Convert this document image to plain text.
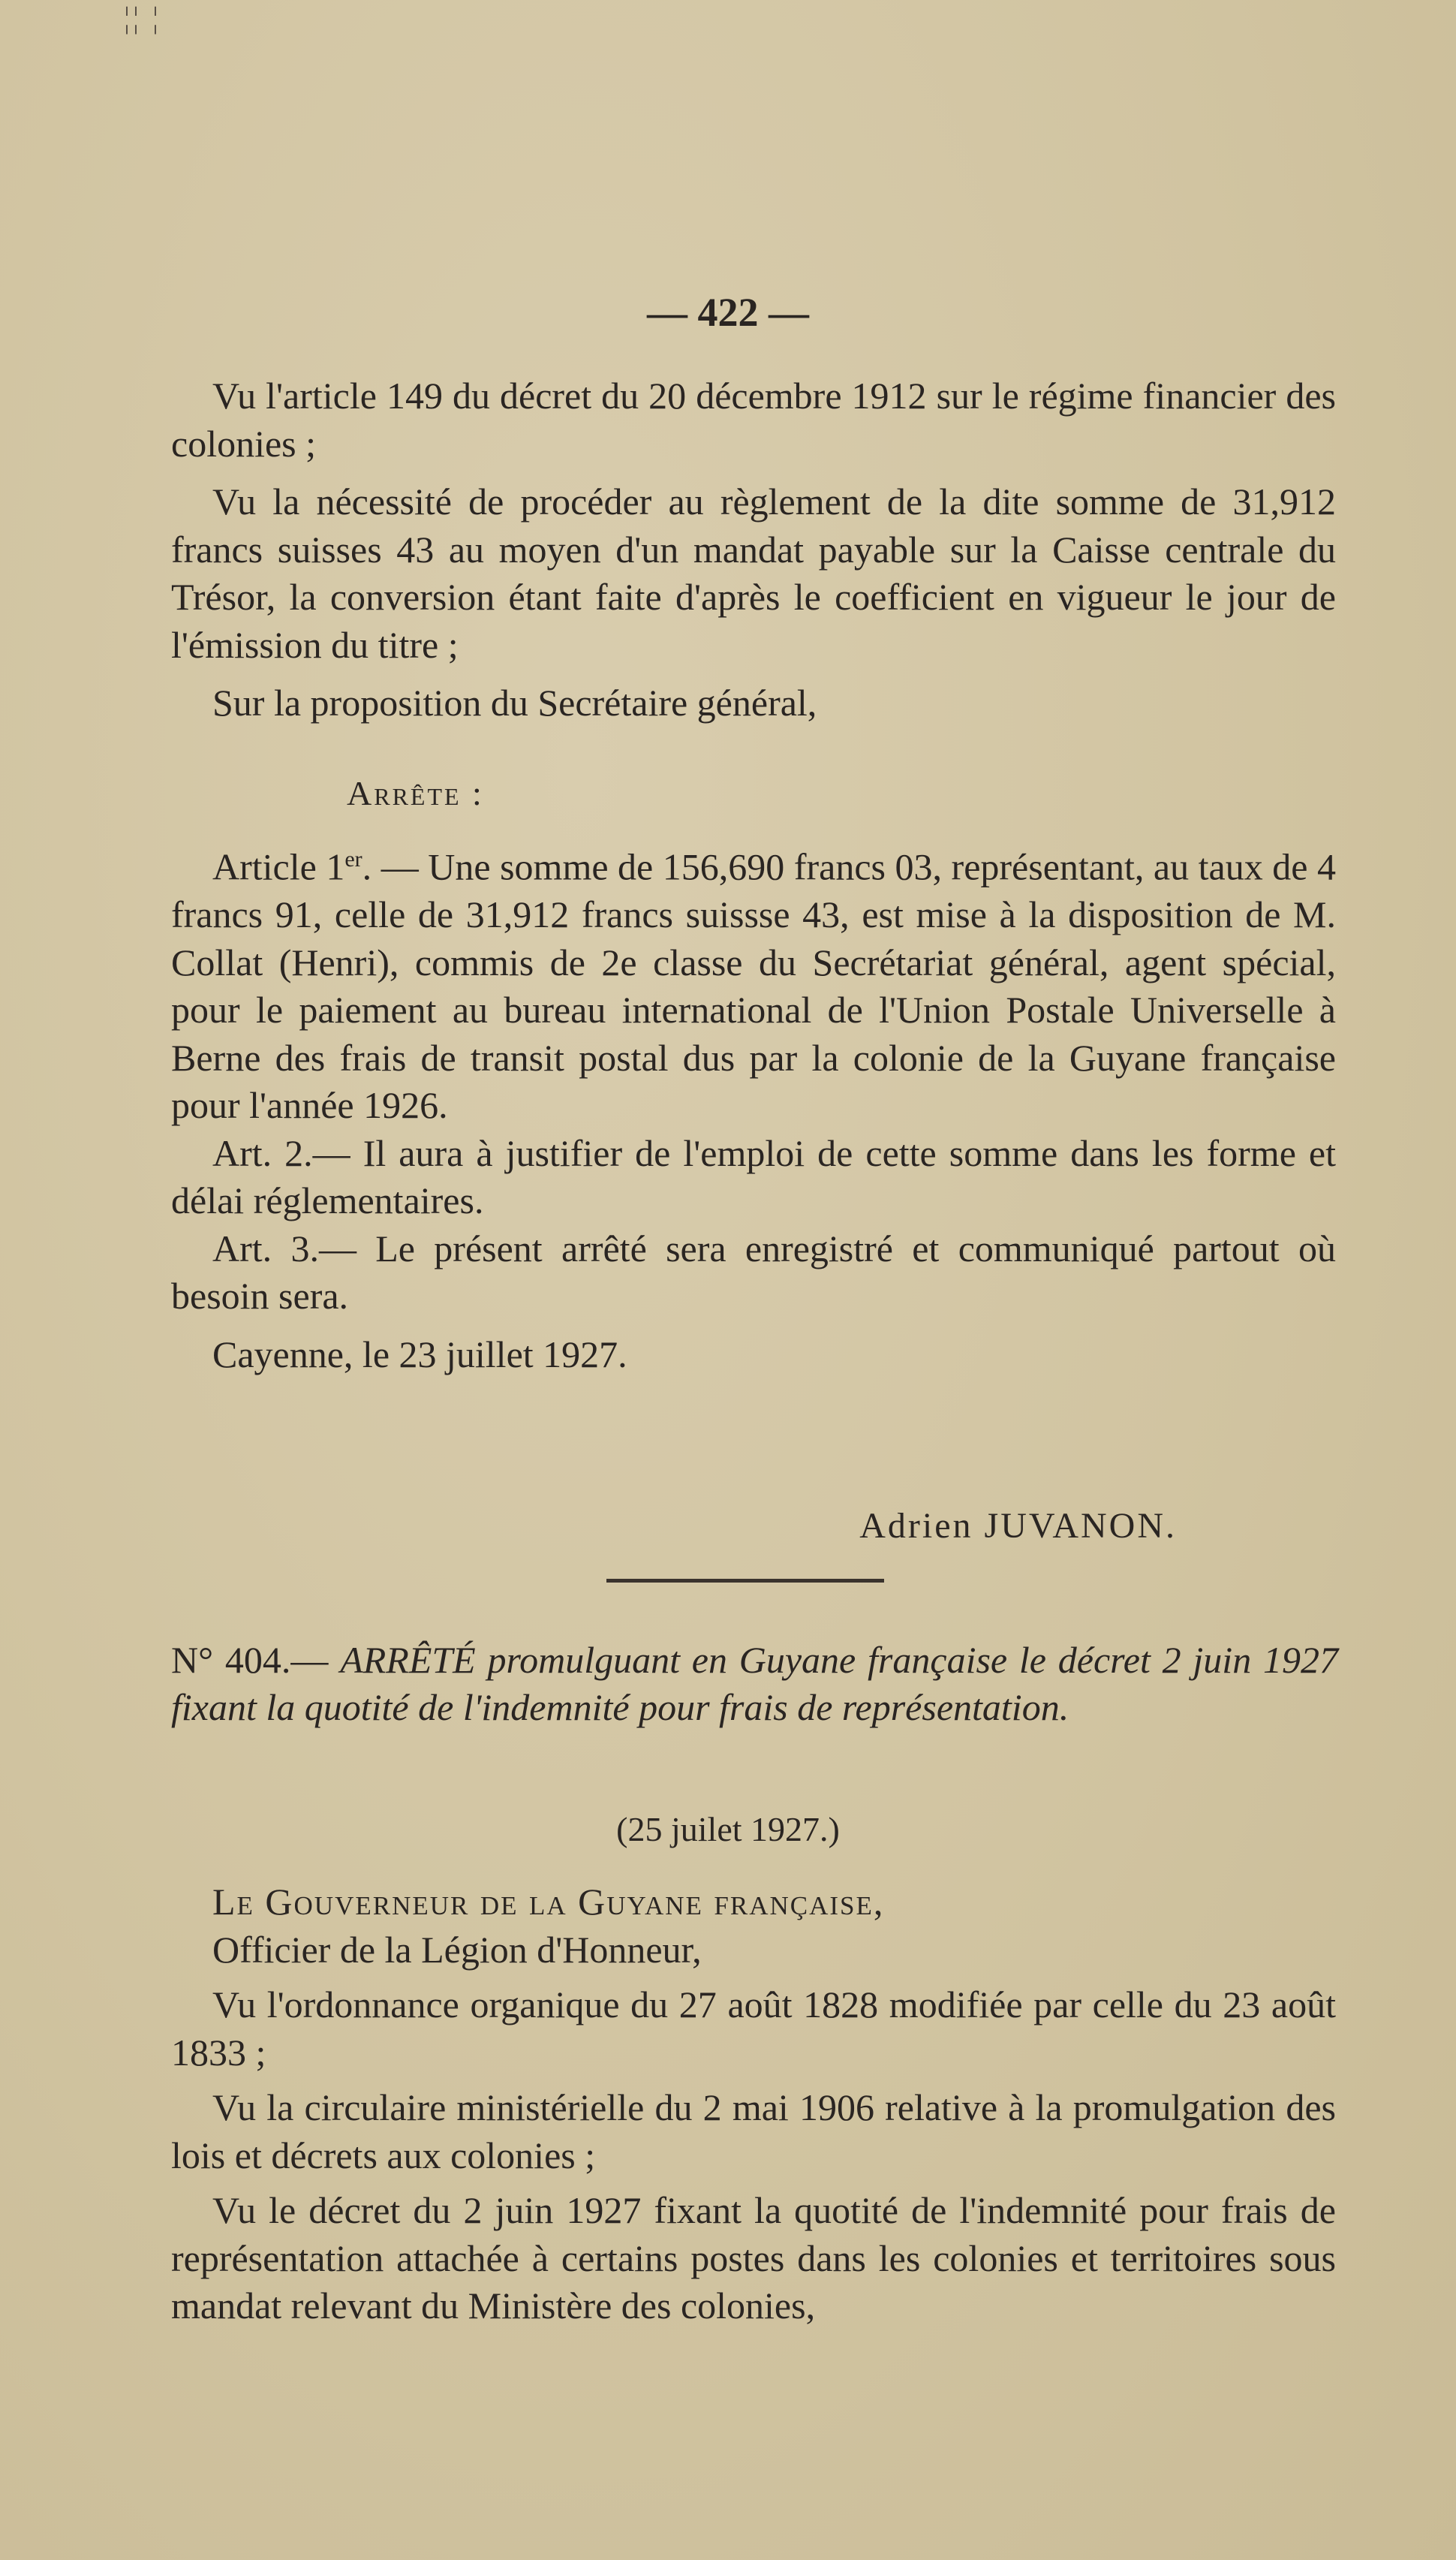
¦¦ ¦
— 422 —

Vu l'article 149 du décret du 20 décembre 1912 sur le régime financier des colonies ;

Vu la nécessité de procéder au règlement de la dite somme de 31,912 francs suisses 43 au moyen d'un mandat payable sur la Caisse centrale du Trésor, la conversion étant faite d'après le coefficient en vigueur le jour de l'émission du titre ;

Sur la proposition du Secrétaire général,

Arrête :

Article 1er. — Une somme de 156,690 francs 03, représentant, au taux de 4 francs 91, celle de 31,912 francs suissse 43, est mise à la disposition de M. Collat (Henri), commis de 2e classe du Secrétariat général, agent spécial, pour le paiement au bureau international de l'Union Postale Universelle à Berne des frais de transit postal dus par la colonie de la Guyane française pour l'année 1926.

Art. 2.— Il aura à justifier de l'emploi de cette somme dans les forme et délai réglementaires.

Art. 3.— Le présent arrêté sera enregistré et communiqué partout où besoin sera.

Cayenne, le 23 juillet 1927.

Adrien JUVANON.
N° 404.— ARRÊTÉ promulguant en Guyane française le décret 2 juin 1927 fixant la quotité de l'indemnité pour frais de représentation.
(25 juilet 1927.)

Le Gouverneur de la Guyane française,

Officier de la Légion d'Honneur,

Vu l'ordonnance organique du 27 août 1828 modifiée par celle du 23 août 1833 ;

Vu la circulaire ministérielle du 2 mai 1906 relative à la promulgation des lois et décrets aux colonies ;

Vu le décret du 2 juin 1927 fixant la quotité de l'indemnité pour frais de représentation attachée à certains postes dans les colonies et territoires sous mandat relevant du Ministère des colonies,
